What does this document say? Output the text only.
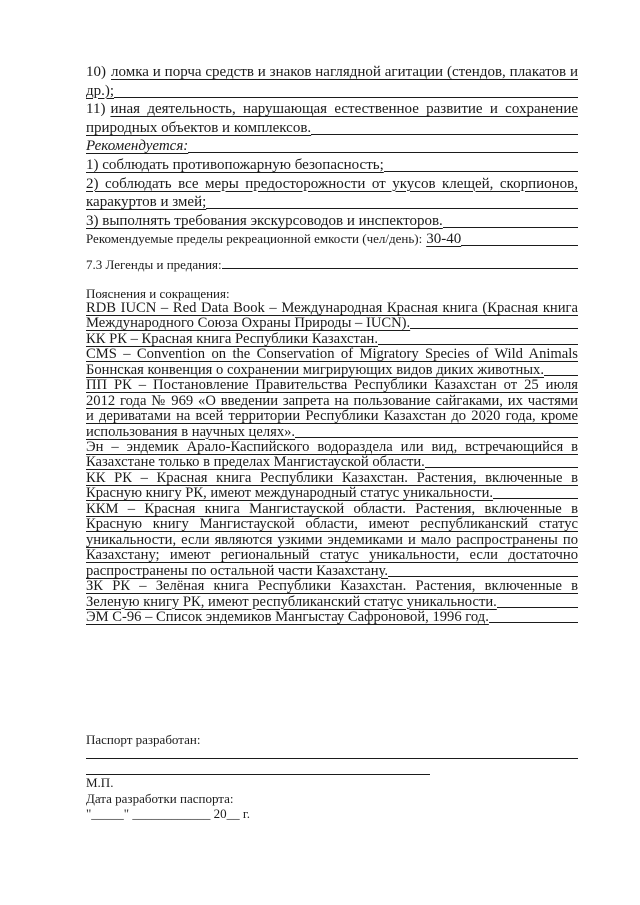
10) ломка и порча средств и знаков наглядной агитации (стендов, плакатов и
др.);
11) иная деятельность, нарушающая естественное развитие и сохранение
природных объектов и комплексов.
Рекомендуется:
1) соблюдать противопожарную безопасность;
2) соблюдать все меры предосторожности от укусов клещей, скорпионов,
каракуртов и змей;
3) выполнять требования экскурсоводов и инспекторов.
Рекомендуемые пределы рекреационной емкости (чел/день): 30-40
7.3 Легенды и предания:
Пояснения и сокращения:
RDB IUCN – Red Data Book – Международная Красная книга (Красная книга
Международного Союза Охраны Природы – IUCN).
КК РК – Красная книга Республики Казахстан.
CMS – Convention on the Conservation of Migratory Species of Wild Animals
Боннская конвенция о сохранении мигрирующих видов диких животных.
ПП РК – Постановление Правительства Республики Казахстан от 25 июля
2012 года № 969 «О введении запрета на пользование сайгаками, их частями
и дериватами на всей территории Республики Казахстан до 2020 года, кроме
использования в научных целях».
Эн – эндемик Арало-Каспийского водораздела или вид, встречающийся в
Казахстане только в пределах Мангистауской области.
КК РК – Красная книга Республики Казахстан. Растения, включенные в
Красную книгу РК, имеют международный статус уникальности.
ККМ – Красная книга Мангистауской области. Растения, включенные в
Красную книгу Мангистауской области, имеют республиканский статус
уникальности, если являются узкими эндемиками и мало распространены по
Казахстану; имеют региональный статус уникальности, если достаточно
распространены по остальной части Казахстану.
ЗК РК – Зелёная книга Республики Казахстан. Растения, включенные в
Зеленую книгу РК, имеют республиканский статус уникальности.
ЭМ С-96 – Список эндемиков Мангыстау Сафроновой, 1996 год.
Паспорт разработан:
М.П.
Дата разработки паспорта:
"_____" ____________ 20__ г.
